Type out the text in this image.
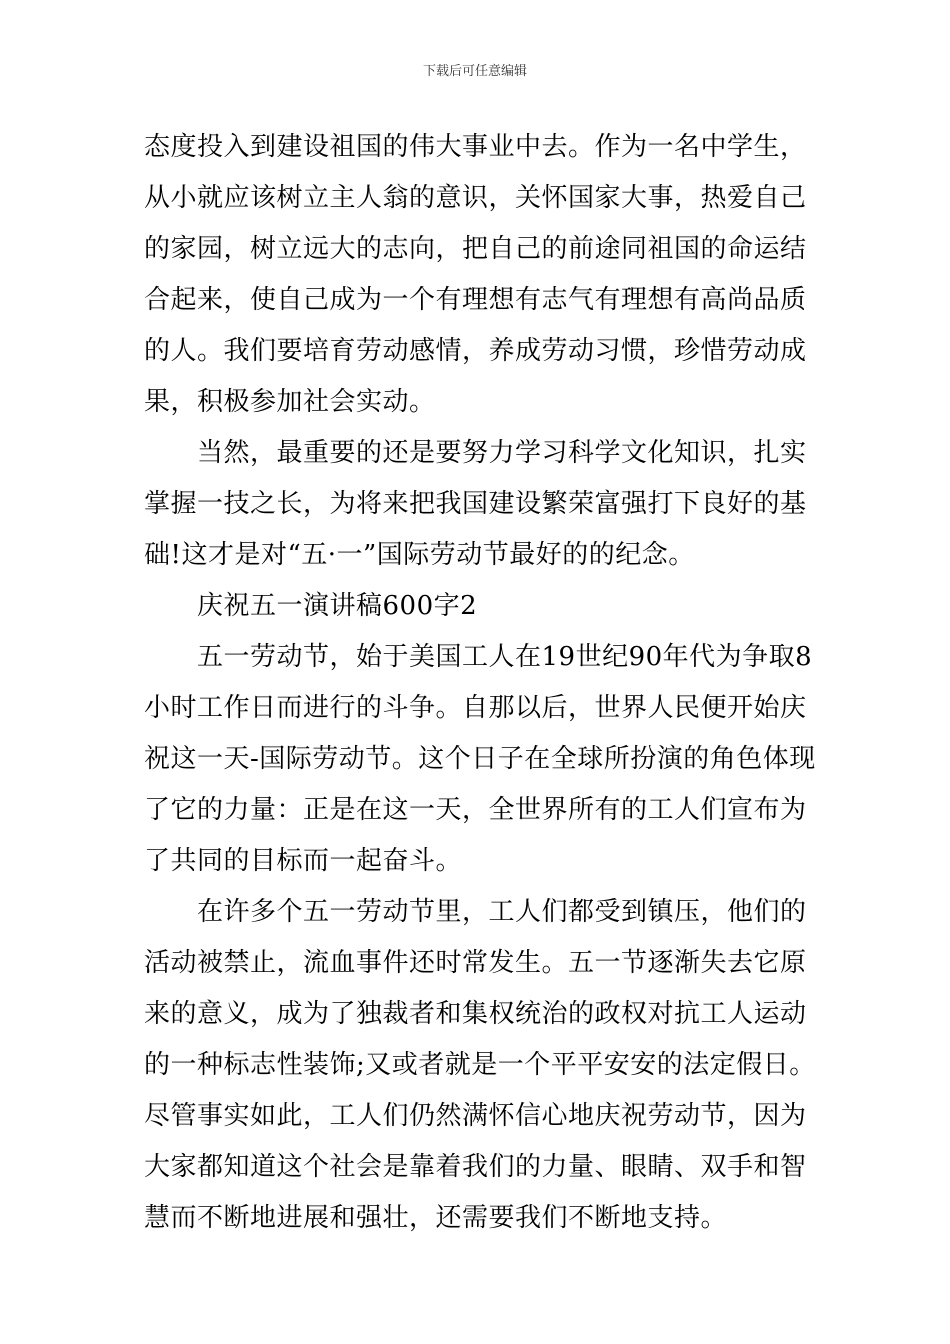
下载后可任意编辑
态度投入到建设祖国的伟大事业中去。作为一名中学生，
从小就应该树立主人翁的意识，关怀国家大事，热爱自己
的家园，树立远大的志向，把自己的前途同祖国的命运结
合起来，使自己成为一个有理想有志气有理想有高尚品质
的人。我们要培育劳动感情，养成劳动习惯，珍惜劳动成
果，积极参加社会实动。
当然，最重要的还是要努力学习科学文化知识，扎实
掌握一技之长，为将来把我国建设繁荣富强打下良好的基
础!这才是对“五·一”国际劳动节最好的的纪念。
庆祝五一演讲稿600字2
五一劳动节，始于美国工人在19世纪90年代为争取8
小时工作日而进行的斗争。自那以后，世界人民便开始庆
祝这一天-国际劳动节。这个日子在全球所扮演的角色体现
了它的力量：正是在这一天，全世界所有的工人们宣布为
了共同的目标而一起奋斗。
在许多个五一劳动节里，工人们都受到镇压，他们的
活动被禁止，流血事件还时常发生。五一节逐渐失去它原
来的意义，成为了独裁者和集权统治的政权对抗工人运动
的一种标志性装饰;又或者就是一个平平安安的法定假日。
尽管事实如此，工人们仍然满怀信心地庆祝劳动节，因为
大家都知道这个社会是靠着我们的力量、眼睛、双手和智
慧而不断地进展和强壮，还需要我们不断地支持。
